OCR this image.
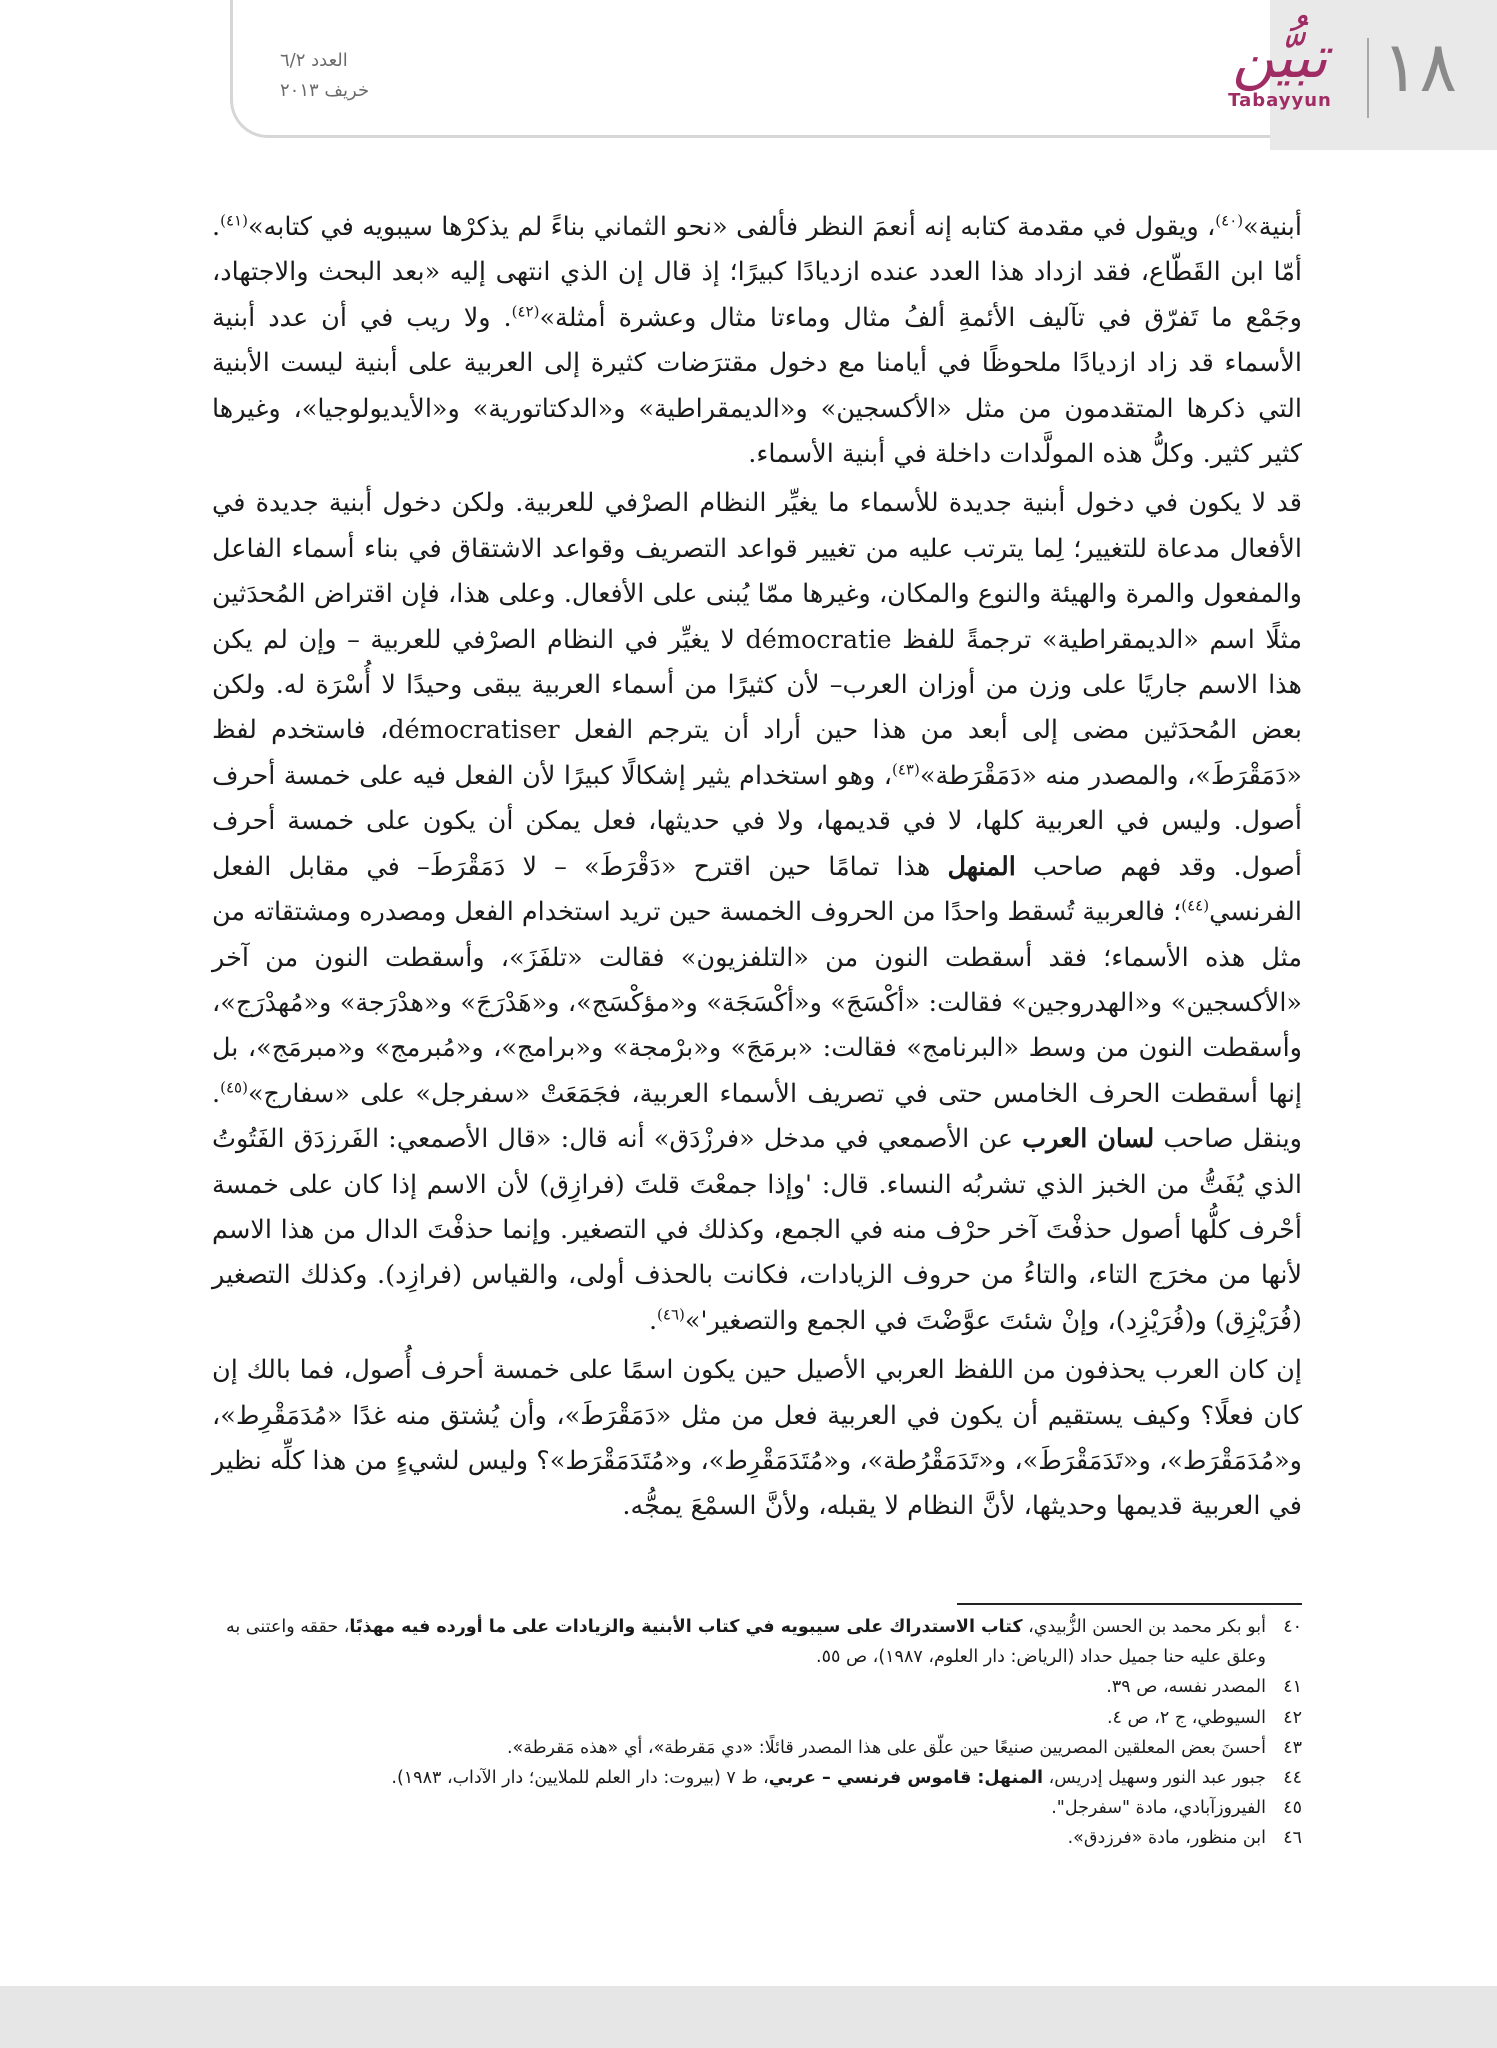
١٨
تبيُّن
Tabayyun
العدد ٦/٢
خريف ٢٠١٣

أبنية»$^{(٤٠)}$، ويقول في مقدمة كتابه إنه أنعمَ النظر فألفى «نحو الثماني بناءً لم يذكرْها سيبويه في كتابه»$^{(٤١)}$. أمّا ابن القَطّاع، فقد ازداد هذا العدد عنده ازديادًا كبيرًا؛ إذ قال إن الذي انتهى إليه «بعد البحث والاجتهاد، وجَمْع ما تَفرّق في تآليف الأئمةِ ألفُ مثال وماءتا مثال وعشرة أمثلة»$^{(٤٢)}$. ولا ريب في أن عدد أبنية الأسماء قد زاد ازديادًا ملحوظًا في أيامنا مع دخول مقترَضات كثيرة إلى العربية على أبنية ليست الأبنية التي ذكرها المتقدمون من مثل «الأكسجين» و«الديمقراطية» و«الدكتاتورية» و«الأيديولوجيا»، وغيرها كثير كثير. وكلُّ هذه المولَّدات داخلة في أبنية الأسماء.

قد لا يكون في دخول أبنية جديدة للأسماء ما يغيِّر النظام الصرْفي للعربية. ولكن دخول أبنية جديدة في الأفعال مدعاة للتغيير؛ لِما يترتب عليه من تغيير قواعد التصريف وقواعد الاشتقاق في بناء أسماء الفاعل والمفعول والمرة والهيئة والنوع والمكان، وغيرها ممّا يُبنى على الأفعال. وعلى هذا، فإن اقتراض المُحدَثين مثلًا اسم «الديمقراطية» ترجمةً للفظ démocratie لا يغيِّر في النظام الصرْفي للعربية – وإن لم يكن هذا الاسم جاريًا على وزن من أوزان العرب– لأن كثيرًا من أسماء العربية يبقى وحيدًا لا أُسْرَة له. ولكن بعض المُحدَثين مضى إلى أبعد من هذا حين أراد أن يترجم الفعل démocratiser، فاستخدم لفظ «دَمَقْرَطَ»، والمصدر منه «دَمَقْرَطة»$^{(٤٣)}$، وهو استخدام يثير إشكالًا كبيرًا لأن الفعل فيه على خمسة أحرف أصول. وليس في العربية كلها، لا في قديمها، ولا في حديثها، فعل يمكن أن يكون على خمسة أحرف أصول. وقد فهم صاحب المنهل هذا تمامًا حين اقترح «دَقْرَطَ» – لا دَمَقْرَطَ– في مقابل الفعل الفرنسي$^{(٤٤)}$؛ فالعربية تُسقط واحدًا من الحروف الخمسة حين تريد استخدام الفعل ومصدره ومشتقاته من مثل هذه الأسماء؛ فقد أسقطت النون من «التلفزيون» فقالت «تلفَزَ»، وأسقطت النون من آخر «الأكسجين» و«الهدروجين» فقالت: «أكْسَجَ» و«أكْسَجَة» و«مؤكْسَج»، و«هَدْرَجَ» و«هدْرَجة» و«مُهدْرَج»، وأسقطت النون من وسط «البرنامج» فقالت: «برمَجَ» و«برْمجة» و«برامج»، و«مُبرمج» و«مبرمَج»، بل إنها أسقطت الحرف الخامس حتى في تصريف الأسماء العربية، فجَمَعَتْ «سفرجل» على «سفارج»$^{(٤٥)}$. وينقل صاحب لسان العرب عن الأصمعي في مدخل «فرزْدَق» أنه قال: «قال الأصمعي: الفَرزدَق الفَتُوتُ الذي يُفَتُّ من الخبز الذي تشربُه النساء. قال: 'وإذا جمعْتَ قلتَ (فرازِق) لأن الاسم إذا كان على خمسة أحْرف كلُّها أصول حذفْتَ آخر حرْف منه في الجمع، وكذلك في التصغير. وإنما حذفْتَ الدال من هذا الاسم لأنها من مخرَج التاء، والتاءُ من حروف الزيادات، فكانت بالحذف أولى، والقياس (فرازِد). وكذلك التصغير (فُرَيْزِق) و(فُرَيْزِد)، وإنْ شئتَ عوَّضْتَ في الجمع والتصغير'»$^{(٤٦)}$.

إن كان العرب يحذفون من اللفظ العربي الأصيل حين يكون اسمًا على خمسة أحرف أُصول، فما بالك إن كان فعلًا؟ وكيف يستقيم أن يكون في العربية فعل من مثل «دَمَقْرَطَ»، وأن يُشتق منه غدًا «مُدَمَقْرِط»، و«مُدَمَقْرَط»، و«تَدَمَقْرَطَ»، و«تَدَمَقْرُطة»، و«مُتَدَمَقْرِط»، و«مُتَدَمَقْرَط»؟ وليس لشيءٍ من هذا كلِّه نظير في العربية قديمها وحديثها، لأنَّ النظام لا يقبله، ولأنَّ السمْعَ يمجُّه.

٤٠
أبو بكر محمد بن الحسن الزُّبيدي، كتاب الاستدراك على سيبويه في كتاب الأبنية والزيادات على ما أورده فيه مهذبًا، حققه واعتنى به وعلق عليه حنا جميل حداد (الرياض: دار العلوم، ١٩٨٧)، ص ٥٥.
٤١
المصدر نفسه، ص ٣٩.
٤٢
السيوطي، ج ٢، ص ٤.
٤٣
أحسنَ بعض المعلقين المصريين صنيعًا حين علّق على هذا المصدر قائلًا: «دي مَقرطة»، أي «هذه مَقرطة».
٤٤
جبور عبد النور وسهيل إدريس، المنهل: قاموس فرنسي – عربي، ط ٧ (بيروت: دار العلم للملايين؛ دار الآداب، ١٩٨٣).
٤٥
الفيروزآبادي، مادة "سفرجل".
٤٦
ابن منظور، مادة «فرزدق».
